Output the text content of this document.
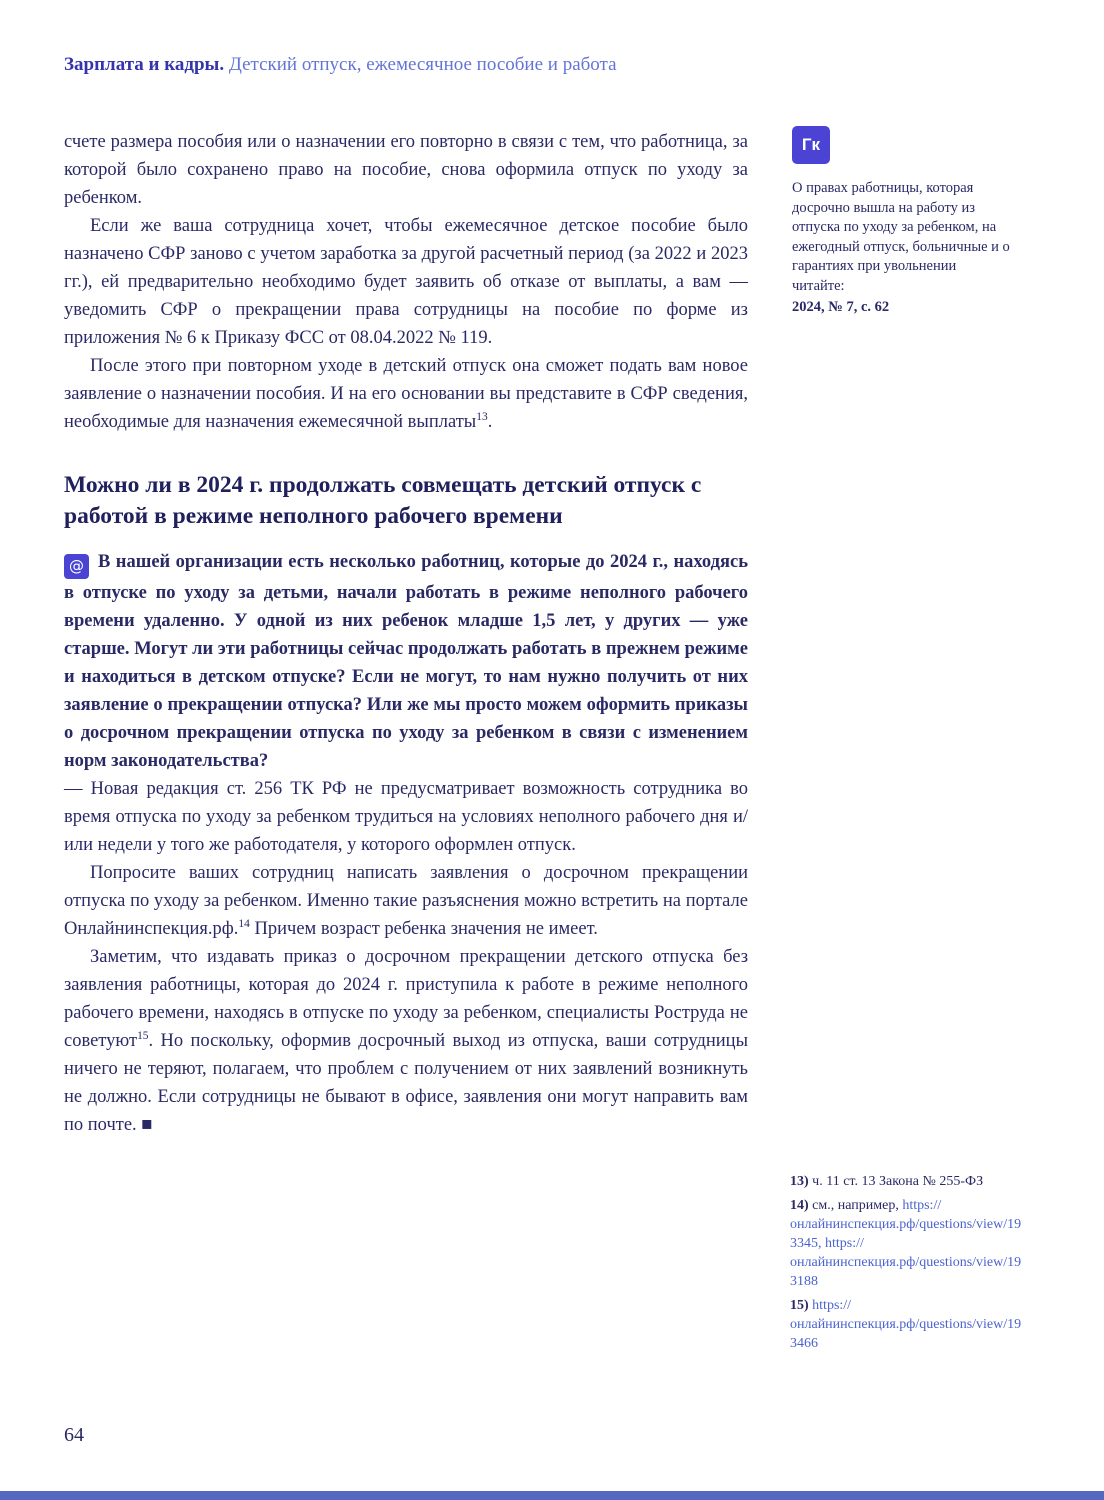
Зарплата и кадры. Детский отпуск, ежемесячное пособие и работа

счете размера пособия или о назначении его повторно в связи с тем, что работница, за которой было сохранено право на пособие, снова оформила отпуск по уходу за ребенком.

Если же ваша сотрудница хочет, чтобы ежемесячное детское пособие было назначено СФР заново с учетом заработка за другой расчетный период (за 2022 и 2023 гг.), ей предварительно необходимо будет заявить об отказе от выплаты, а вам — уведомить СФР о прекращении права сотрудницы на пособие по форме из приложения № 6 к Приказу ФСС от 08.04.2022 № 119.

После этого при повторном уходе в детский отпуск она сможет подать вам новое заявление о назначении пособия. И на его основании вы представите в СФР сведения, необходимые для назначения ежемесячной выплаты$^{13}$.

Можно ли в 2024 г. продолжать совмещать детский отпуск с работой в режиме неполного рабочего времени

@ В нашей организации есть несколько работниц, которые до 2024 г., находясь в отпуске по уходу за детьми, начали работать в режиме неполного рабочего времени удаленно. У одной из них ребенок младше 1,5 лет, у других — уже старше. Могут ли эти работницы сейчас продолжать работать в прежнем режиме и находиться в детском отпуске? Если не могут, то нам нужно получить от них заявление о прекращении отпуска? Или же мы просто можем оформить приказы о досрочном прекращении отпуска по уходу за ребенком в связи с изменением норм законодательства?

— Новая редакция ст. 256 ТК РФ не предусматривает возможность сотрудника во время отпуска по уходу за ребенком трудиться на условиях неполного рабочего дня и/или недели у того же работодателя, у которого оформлен отпуск.

Попросите ваших сотрудниц написать заявления о досрочном прекращении отпуска по уходу за ребенком. Именно такие разъяснения можно встретить на портале Онлайнинспекция.рф.$^{14}$ Причем возраст ребенка значения не имеет.

Заметим, что издавать приказ о досрочном прекращении детского отпуска без заявления работницы, которая до 2024 г. приступила к работе в режиме неполного рабочего времени, находясь в отпуске по уходу за ребенком, специалисты Роструда не советуют$^{15}$. Но поскольку, оформив досрочный выход из отпуска, ваши сотрудницы ничего не теряют, полагаем, что проблем с получением от них заявлений возникнуть не должно. Если сотрудницы не бывают в офисе, заявления они могут направить вам по почте. ■

Гк
О правах работницы, которая досрочно вышла на работу из отпуска по уходу за ребенком, на ежегодный отпуск, больничные и о гарантиях при увольнении читайте:
2024, № 7, с. 62
13) ч. 11 ст. 13 Закона № 255-ФЗ
14) см., например, https://онлайнинспекция.рф/questions/view/193345, https://онлайнинспекция.рф/questions/view/193188
15) https://онлайнинспекция.рф/questions/view/193466
64
